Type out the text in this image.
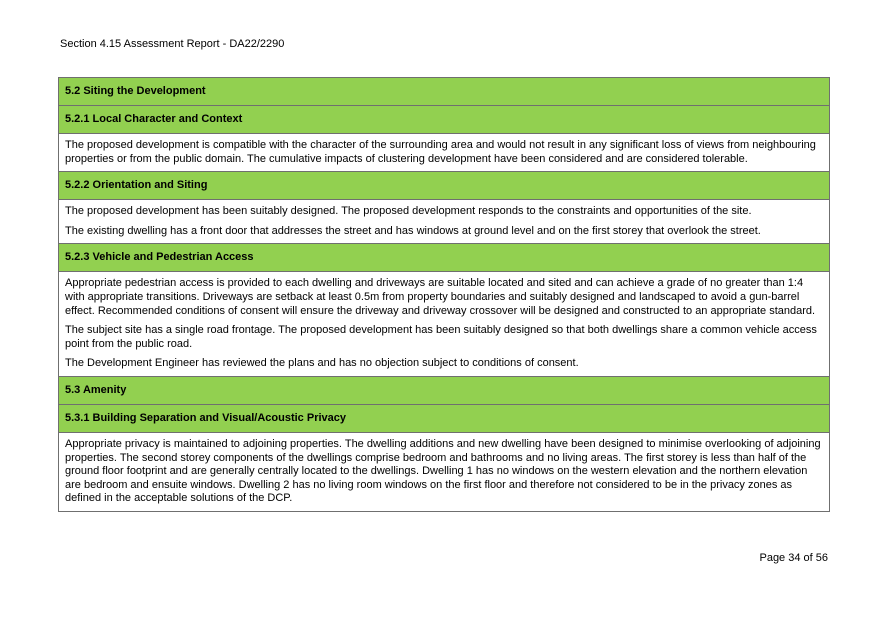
Section 4.15 Assessment Report - DA22/2290
5.2 Siting the Development
5.2.1 Local Character and Context

The proposed development is compatible with the character of the surrounding area and would not result in any significant loss of views from neighbouring properties or from the public domain. The cumulative impacts of clustering development have been considered and are considered tolerable.

5.2.2 Orientation and Siting

The proposed development has been suitably designed. The proposed development responds to the constraints and opportunities of the site.

The existing dwelling has a front door that addresses the street and has windows at ground level and on the first storey that overlook the street.

5.2.3 Vehicle and Pedestrian Access

Appropriate pedestrian access is provided to each dwelling and driveways are suitable located and sited and can achieve a grade of no greater than 1:4 with appropriate transitions. Driveways are setback at least 0.5m from property boundaries and suitably designed and landscaped to avoid a gun-barrel effect. Recommended conditions of consent will ensure the driveway and driveway crossover will be designed and constructed to an appropriate standard.

The subject site has a single road frontage. The proposed development has been suitably designed so that both dwellings share a common vehicle access point from the public road.

The Development Engineer has reviewed the plans and has no objection subject to conditions of consent.

5.3 Amenity
5.3.1 Building Separation and Visual/Acoustic Privacy

Appropriate privacy is maintained to adjoining properties. The dwelling additions and new dwelling have been designed to minimise overlooking of adjoining properties. The second storey components of the dwellings comprise bedroom and bathrooms and no living areas. The first storey is less than half of the ground floor footprint and are generally centrally located to the dwellings. Dwelling 1 has no windows on the western elevation and the northern elevation are bedroom and ensuite windows. Dwelling 2 has no living room windows on the first floor and therefore not considered to be in the privacy zones as defined in the acceptable solutions of the DCP.

Page 34 of 56
